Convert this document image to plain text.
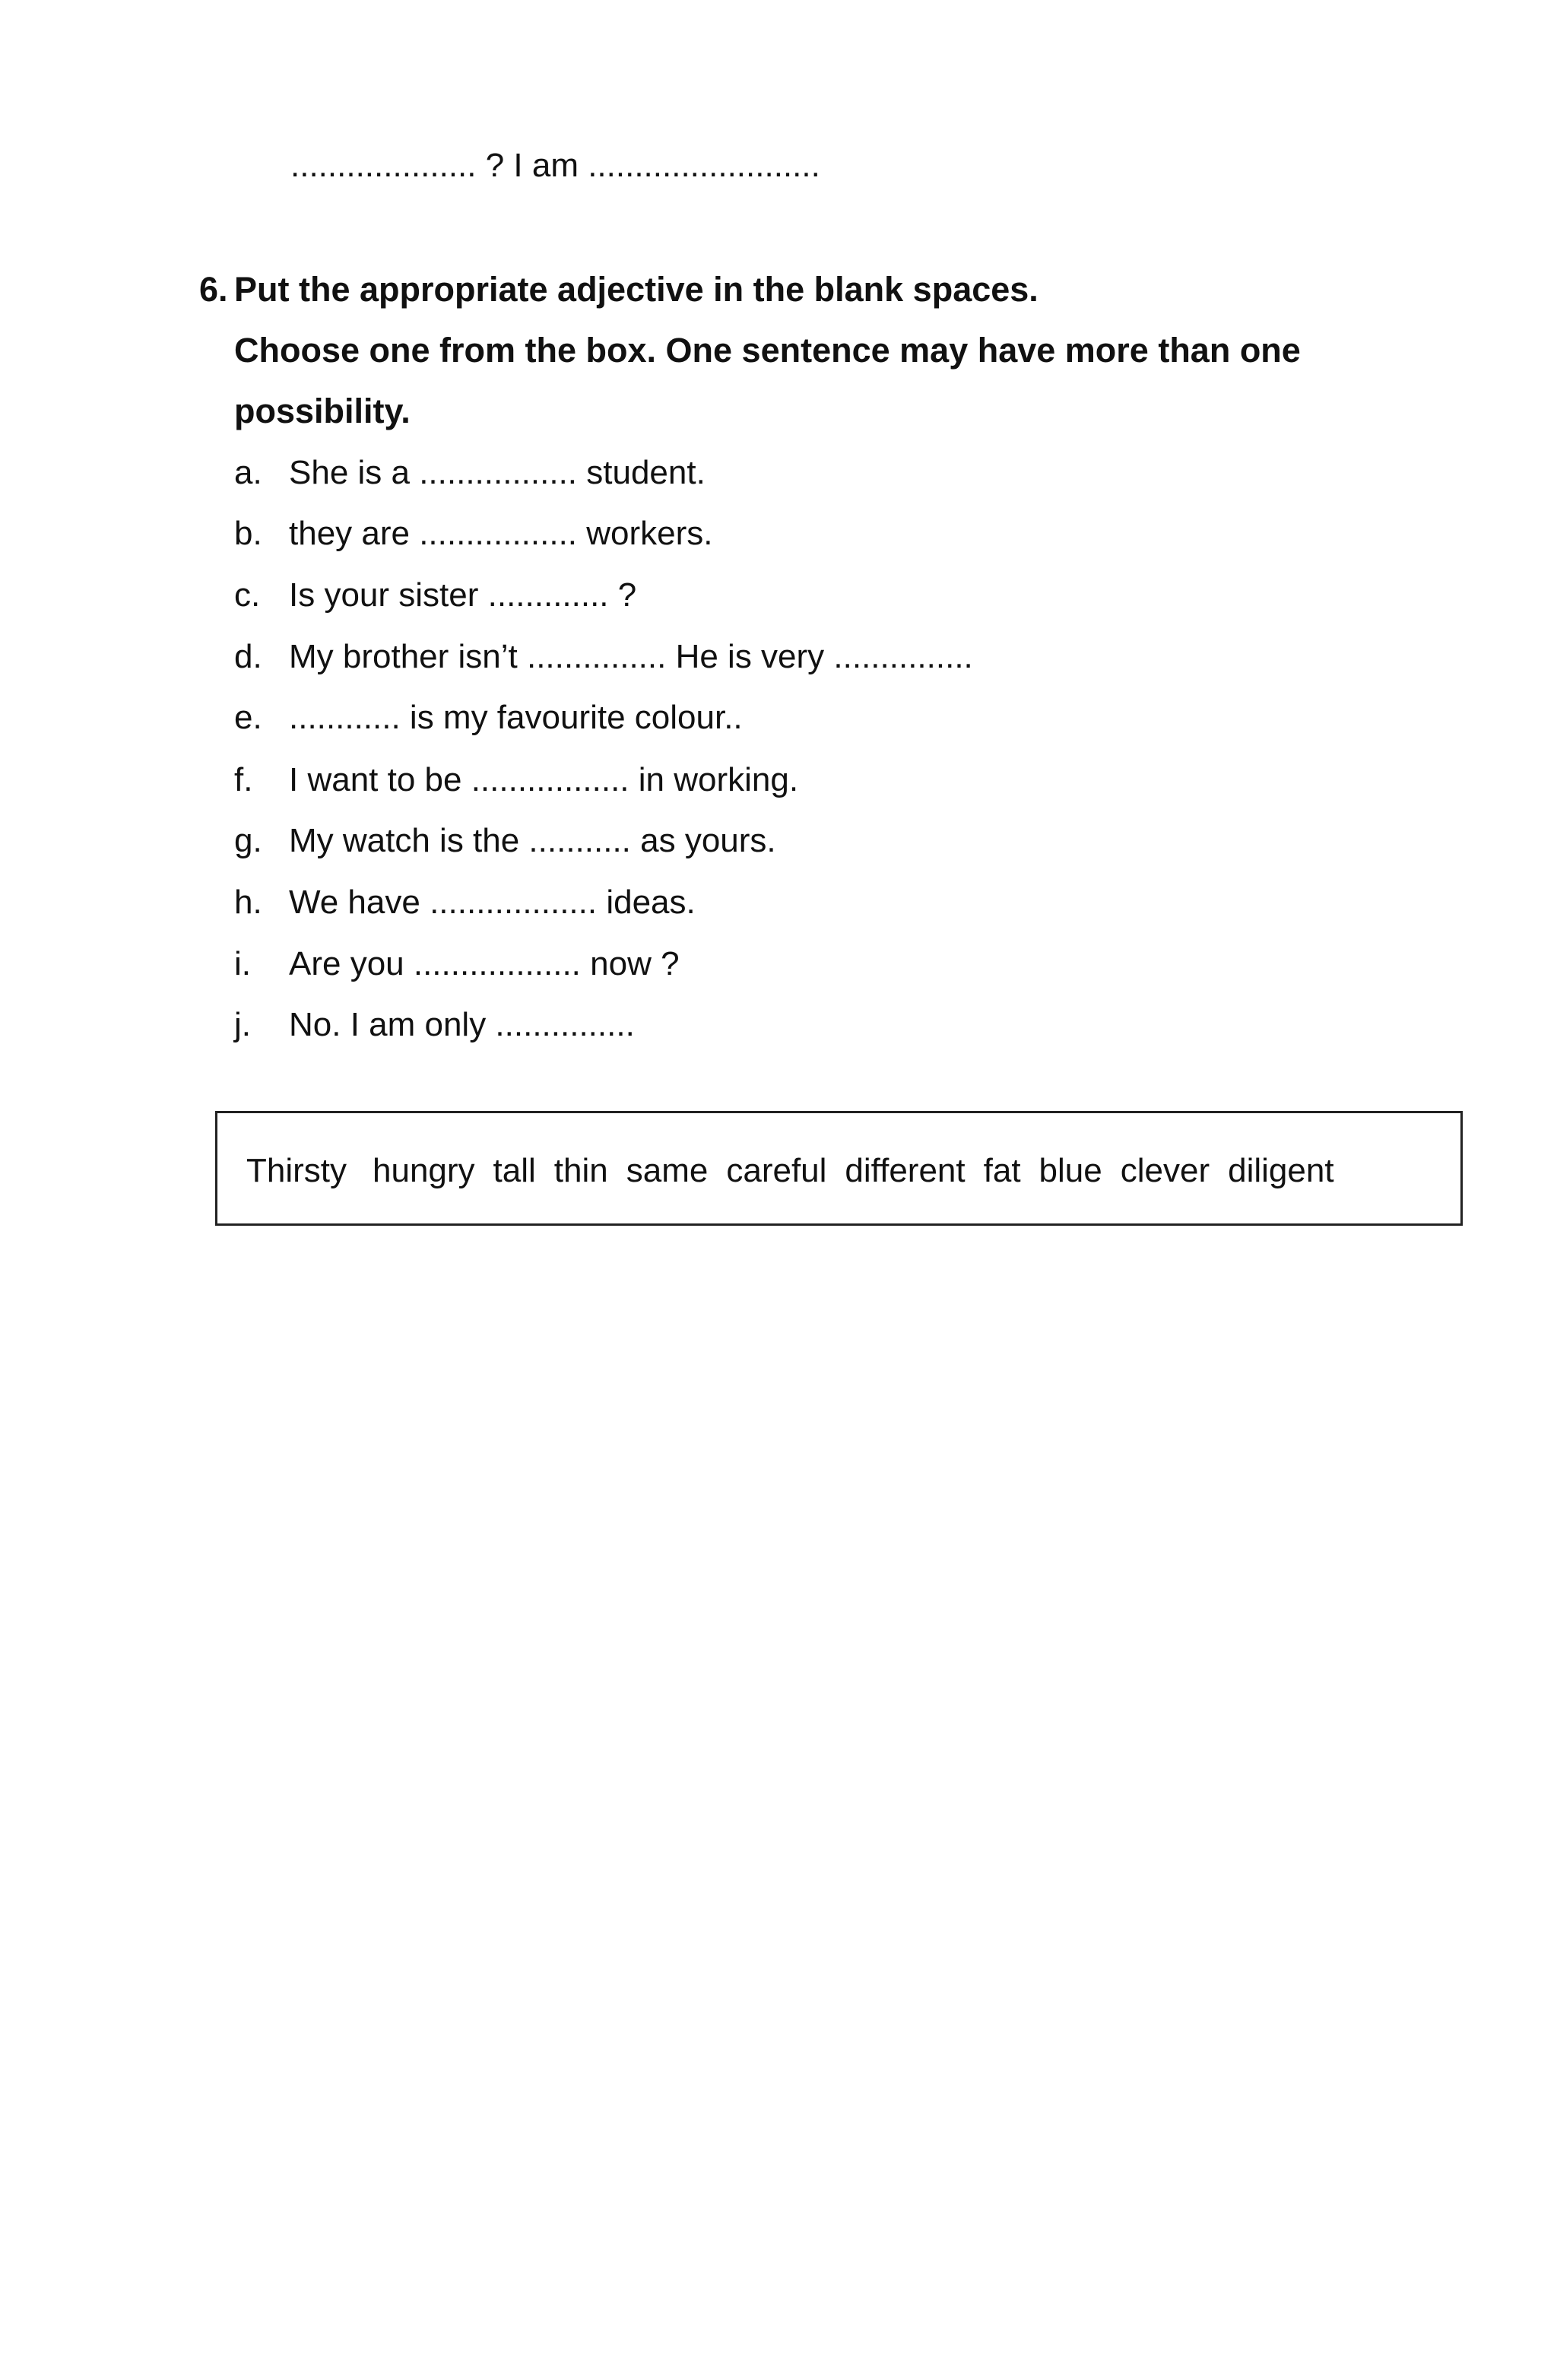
.................... ? I am .........................
6. Put the appropriate adjective in the blank spaces.
Choose one from the box. One sentence may have more than one
possibility.
a. She is a ................. student.
b. they are ................. workers.
c. Is your sister ............. ?
d. My brother isn’t ............... He is very ...............
e. ............ is my favourite colour..
f. I want to be ................. in working.
g. My watch is the ........... as yours.
h. We have .................. ideas.
i. Are you .................. now ?
j. No. I am only ...............
Thirsty hungry tall thin same careful different fat blue clever diligent
